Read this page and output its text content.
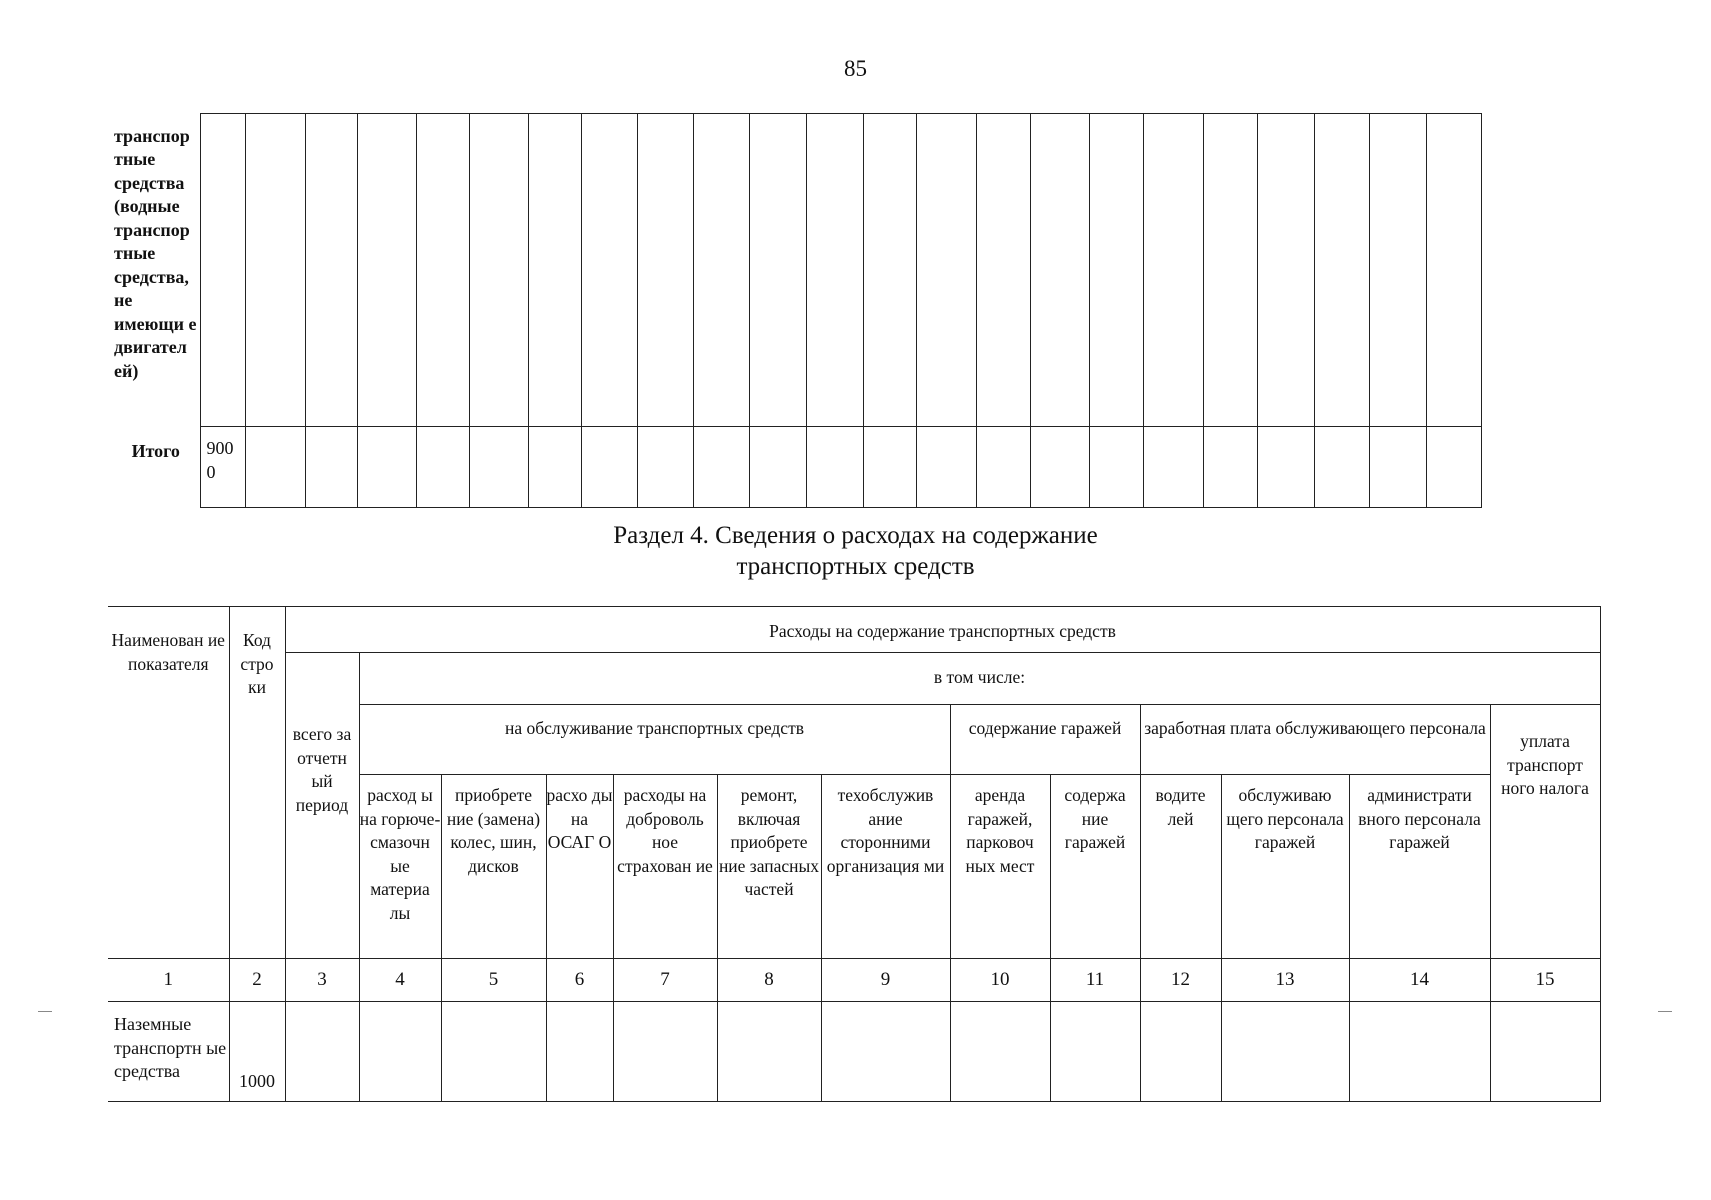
85
транспор тные средства (водные транспор тные средства, не имеющи е двигател ей)																							
Итого	900 0																						
Раздел 4. Сведения о расходах на содержание
транспортных средств
Наименован ие показателя	Код стро ки	Расходы на содержание транспортных средств												
		всего за отчетн ый период	в том числе:											
			на обслуживание транспортных средств						содержание гаражей		заработная плата обслуживающего персонала			уплата транспорт ного налога
			расход ы на горюче-смазочн ые материа лы	приобрете ние (замена) колес, шин, дисков	расхо ды на ОСАГ О	расходы на доброволь ное страхован ие	ремонт, включая приобрете ние запасных частей	техобслужив ание сторонними организация ми	аренда гаражей, парковоч ных мест	содержа ние гаражей	водите лей	обслуживаю щего персонала гаражей	администрати вного персонала гаражей	
1	2	3	4	5	6	7	8	9	10	11	12	13	14	15
Наземные транспортн ые средства	1000													
